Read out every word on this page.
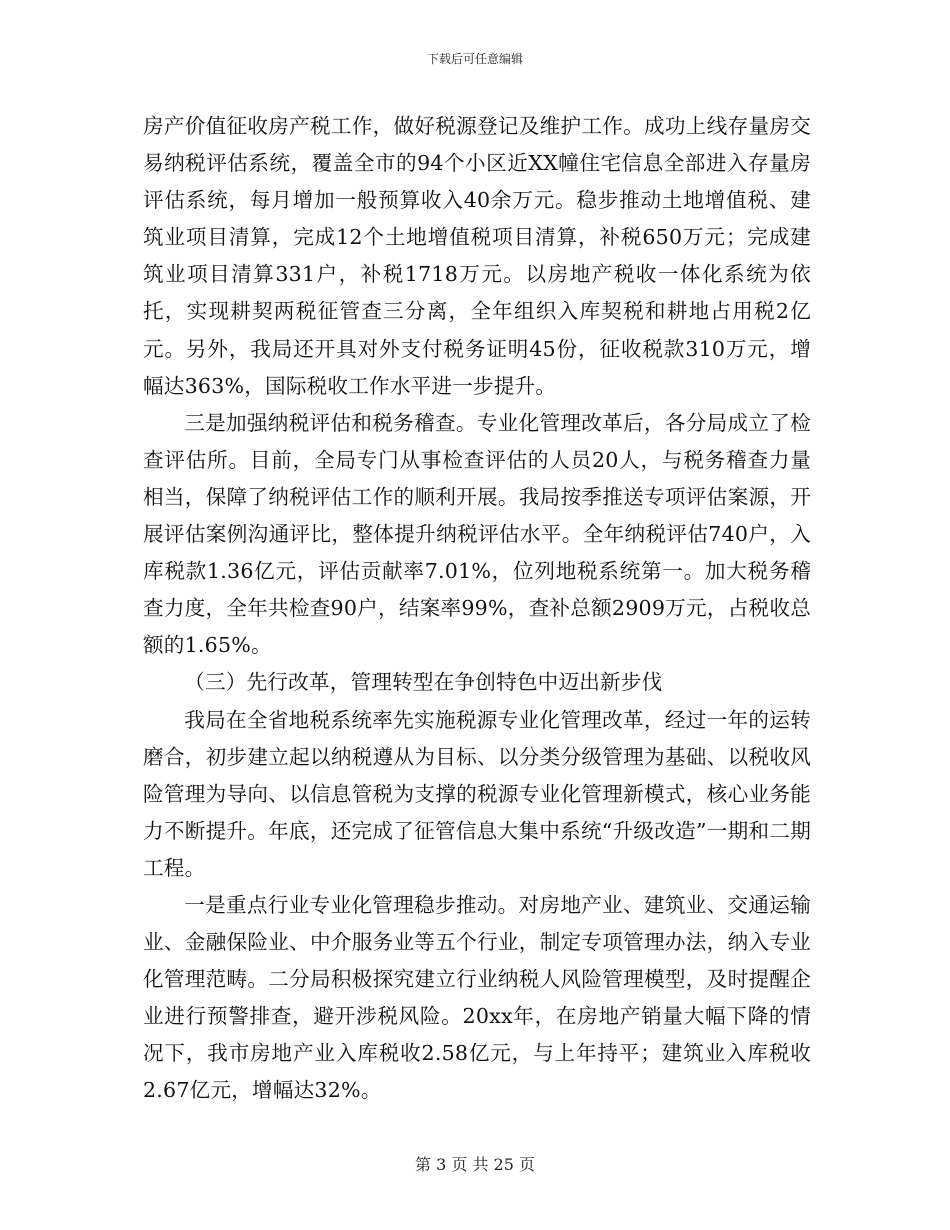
下载后可任意编辑

房产价值征收房产税工作，做好税源登记及维护工作。成功上线存量房交易纳税评估系统，覆盖全市的94个小区近XX幢住宅信息全部进入存量房评估系统，每月增加一般预算收入40余万元。稳步推动土地增值税、建筑业项目清算，完成12个土地增值税项目清算，补税650万元；完成建筑业项目清算331户，补税1718万元。以房地产税收一体化系统为依托，实现耕契两税征管查三分离，全年组织入库契税和耕地占用税2亿元。另外，我局还开具对外支付税务证明45份，征收税款310万元，增幅达363%，国际税收工作水平进一步提升。

三是加强纳税评估和税务稽查。专业化管理改革后，各分局成立了检查评估所。目前，全局专门从事检查评估的人员20人，与税务稽查力量相当，保障了纳税评估工作的顺利开展。我局按季推送专项评估案源，开展评估案例沟通评比，整体提升纳税评估水平。全年纳税评估740户，入库税款1.36亿元，评估贡献率7.01%，位列地税系统第一。加大税务稽查力度，全年共检查90户，结案率99%，查补总额2909万元，占税收总额的1.65%。

（三）先行改革，管理转型在争创特色中迈出新步伐

我局在全省地税系统率先实施税源专业化管理改革，经过一年的运转磨合，初步建立起以纳税遵从为目标、以分类分级管理为基础、以税收风险管理为导向、以信息管税为支撑的税源专业化管理新模式，核心业务能力不断提升。年底，还完成了征管信息大集中系统“升级改造”一期和二期工程。

一是重点行业专业化管理稳步推动。对房地产业、建筑业、交通运输业、金融保险业、中介服务业等五个行业，制定专项管理办法，纳入专业化管理范畴。二分局积极探究建立行业纳税人风险管理模型，及时提醒企业进行预警排查，避开涉税风险。20xx年，在房地产销量大幅下降的情况下，我市房地产业入库税收2.58亿元，与上年持平；建筑业入库税收2.67亿元，增幅达32%。

第 3 页 共 25 页
